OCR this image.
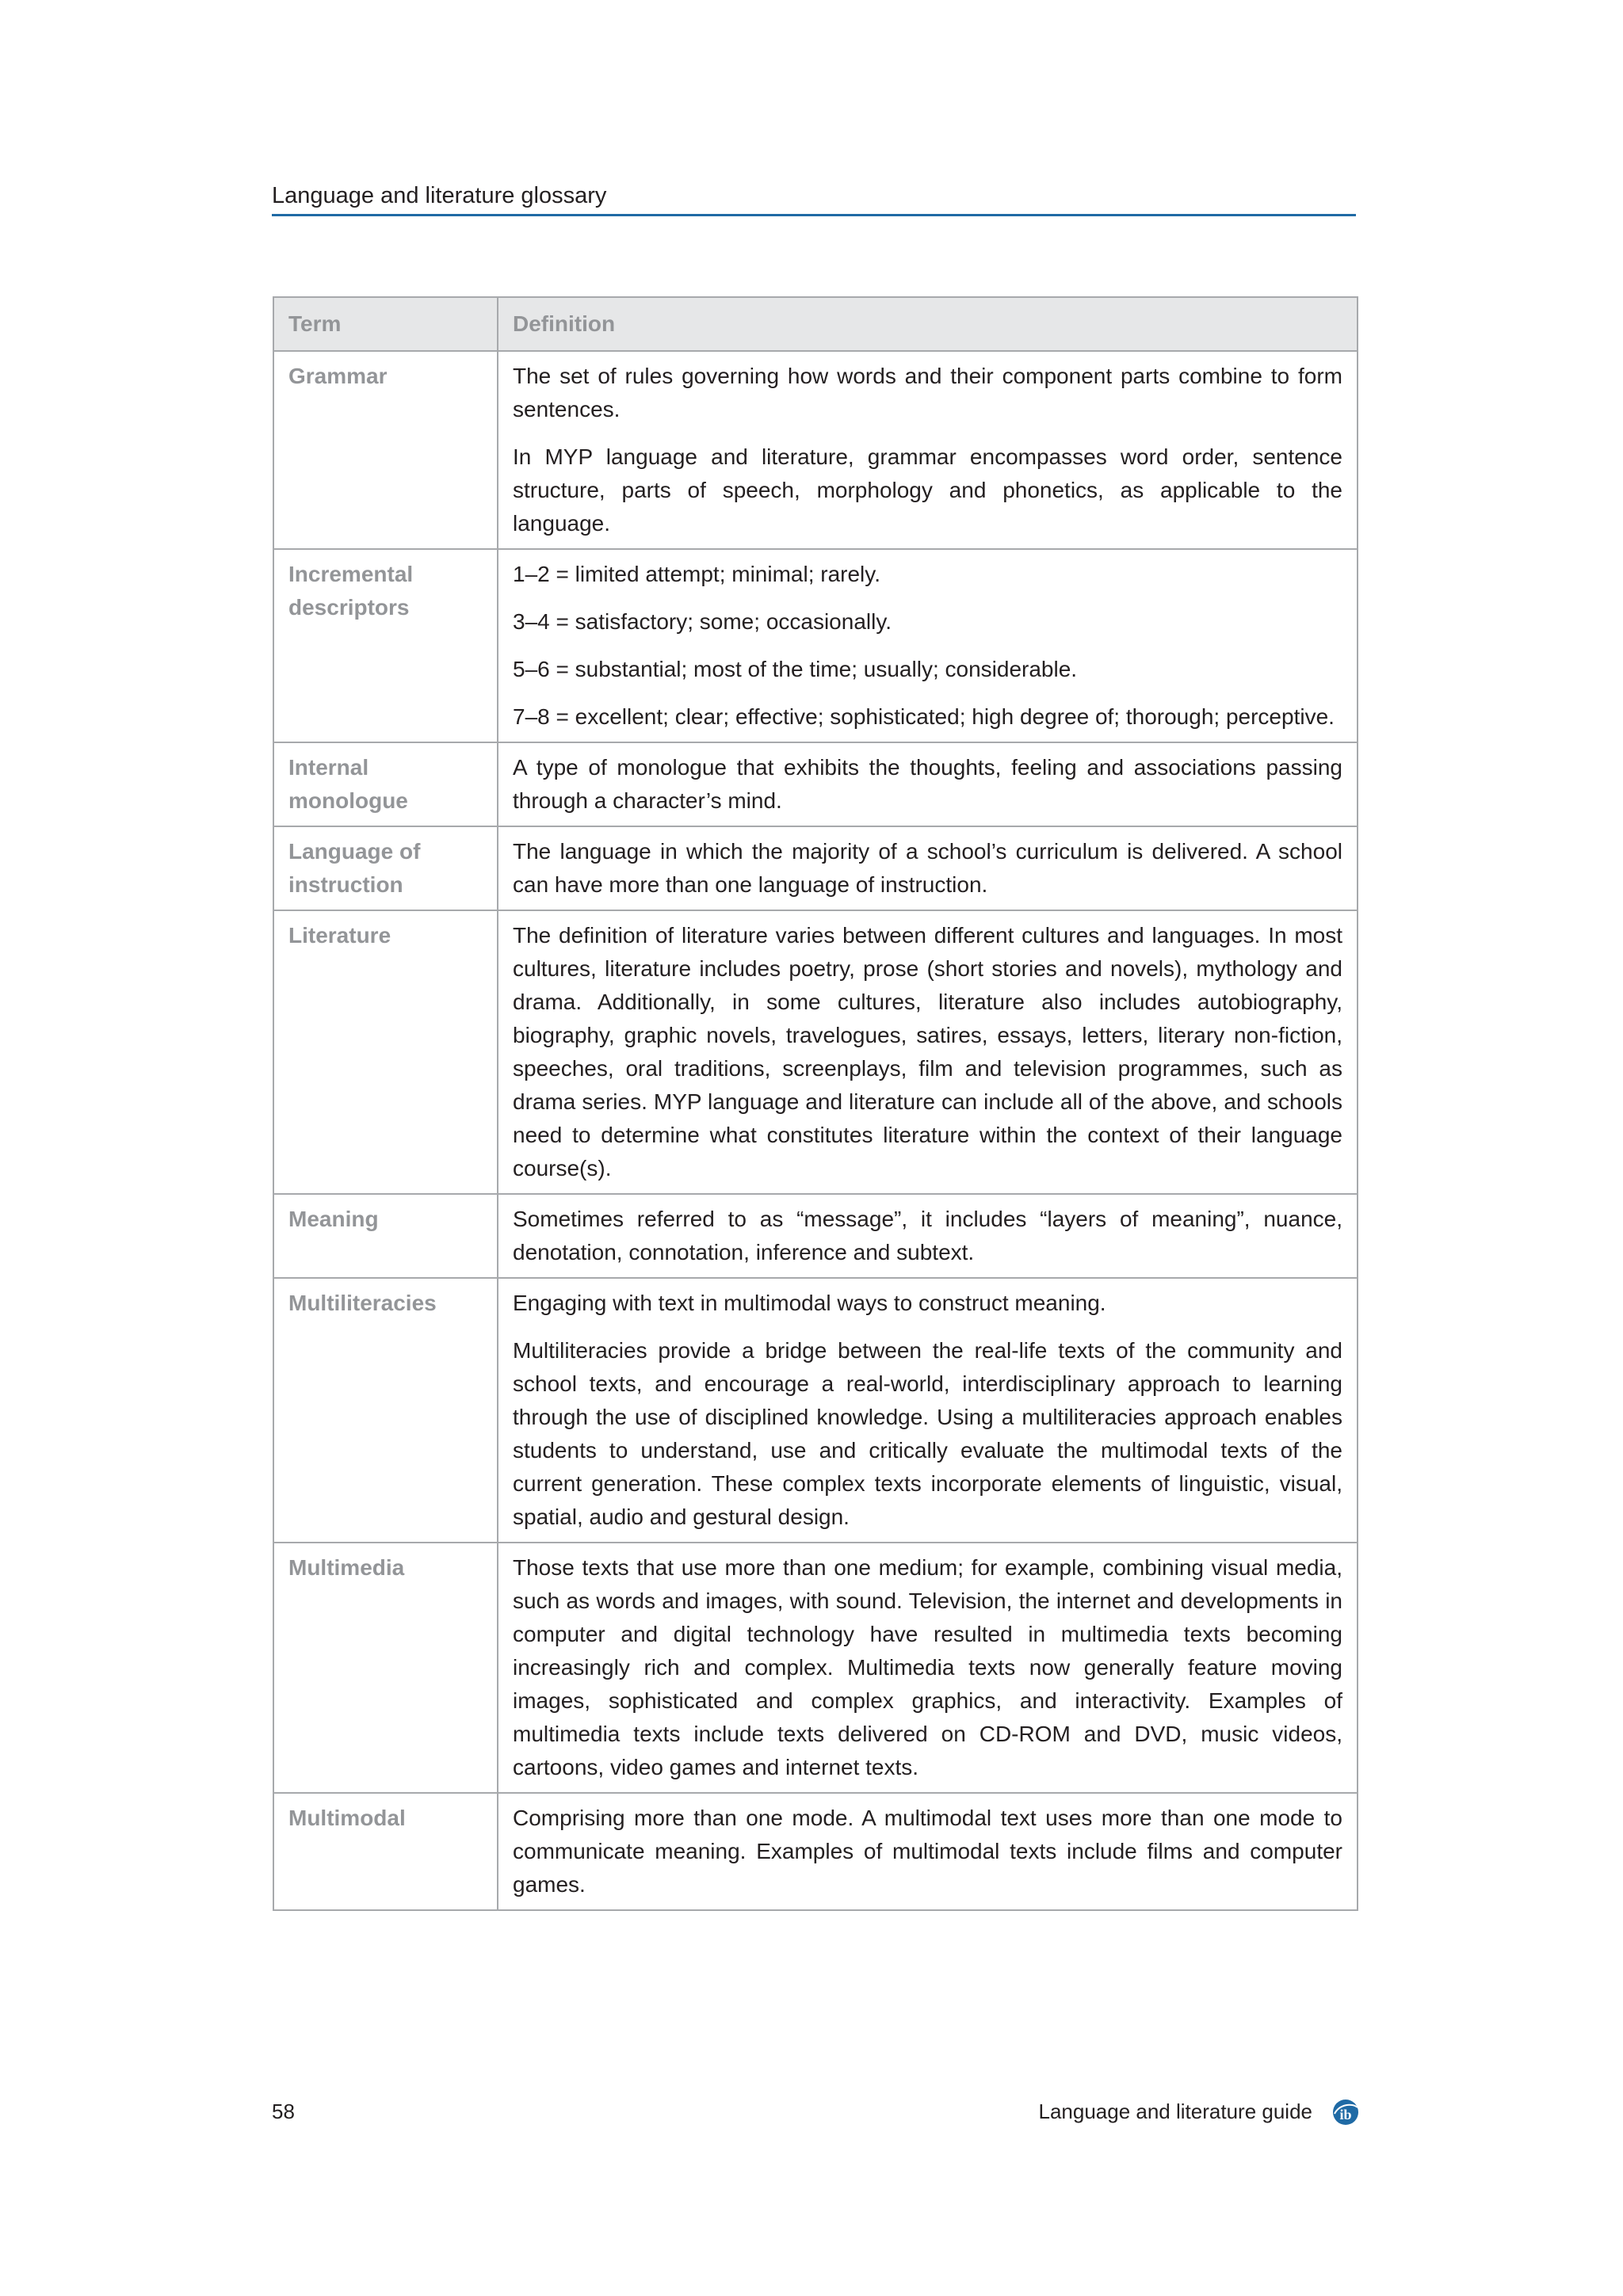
Language and literature glossary
Term	Definition
Grammar	The set of rules governing how words and their component parts combine to form sentences.

In MYP language and literature, grammar encompasses word order, sentence structure, parts of speech, morphology and phonetics, as applicable to the language.

Incremental descriptors	1–2 = limited attempt; minimal; rarely.

3–4 = satisfactory; some; occasionally.

5–6 = substantial; most of the time; usually; considerable.

7–8 = excellent; clear; effective; sophisticated; high degree of; thorough; perceptive.

Internal monologue	A type of monologue that exhibits the thoughts, feeling and associations passing through a character’s mind.

Language of instruction	The language in which the majority of a school’s curriculum is delivered. A school can have more than one language of instruction.

Literature	The definition of literature varies between different cultures and languages. In most cultures, literature includes poetry, prose (short stories and novels), mythology and drama. Additionally, in some cultures, literature also includes autobiography, biography, graphic novels, travelogues, satires, essays, letters, literary non-fiction, speeches, oral traditions, screenplays, film and television programmes, such as drama series. MYP language and literature can include all of the above, and schools need to determine what constitutes literature within the context of their language course(s).

Meaning	Sometimes referred to as “message”, it includes “layers of meaning”, nuance, denotation, connotation, inference and subtext.

Multiliteracies	Engaging with text in multimodal ways to construct meaning.

Multiliteracies provide a bridge between the real-life texts of the community and school texts, and encourage a real-world, interdisciplinary approach to learning through the use of disciplined knowledge. Using a multiliteracies approach enables students to understand, use and critically evaluate the multimodal texts of the current generation. These complex texts incorporate elements of linguistic, visual, spatial, audio and gestural design.

Multimedia	Those texts that use more than one medium; for example, combining visual media, such as words and images, with sound. Television, the internet and developments in computer and digital technology have resulted in multimedia texts becoming increasingly rich and complex. Multimedia texts now generally feature moving images, sophisticated and complex graphics, and interactivity. Examples of multimedia texts include texts delivered on CD-ROM and DVD, music videos, cartoons, video games and internet texts.

Multimodal	Comprising more than one mode. A multimodal text uses more than one mode to communicate meaning. Examples of multimodal texts include films and computer games.

58	Language and literature guide ib
